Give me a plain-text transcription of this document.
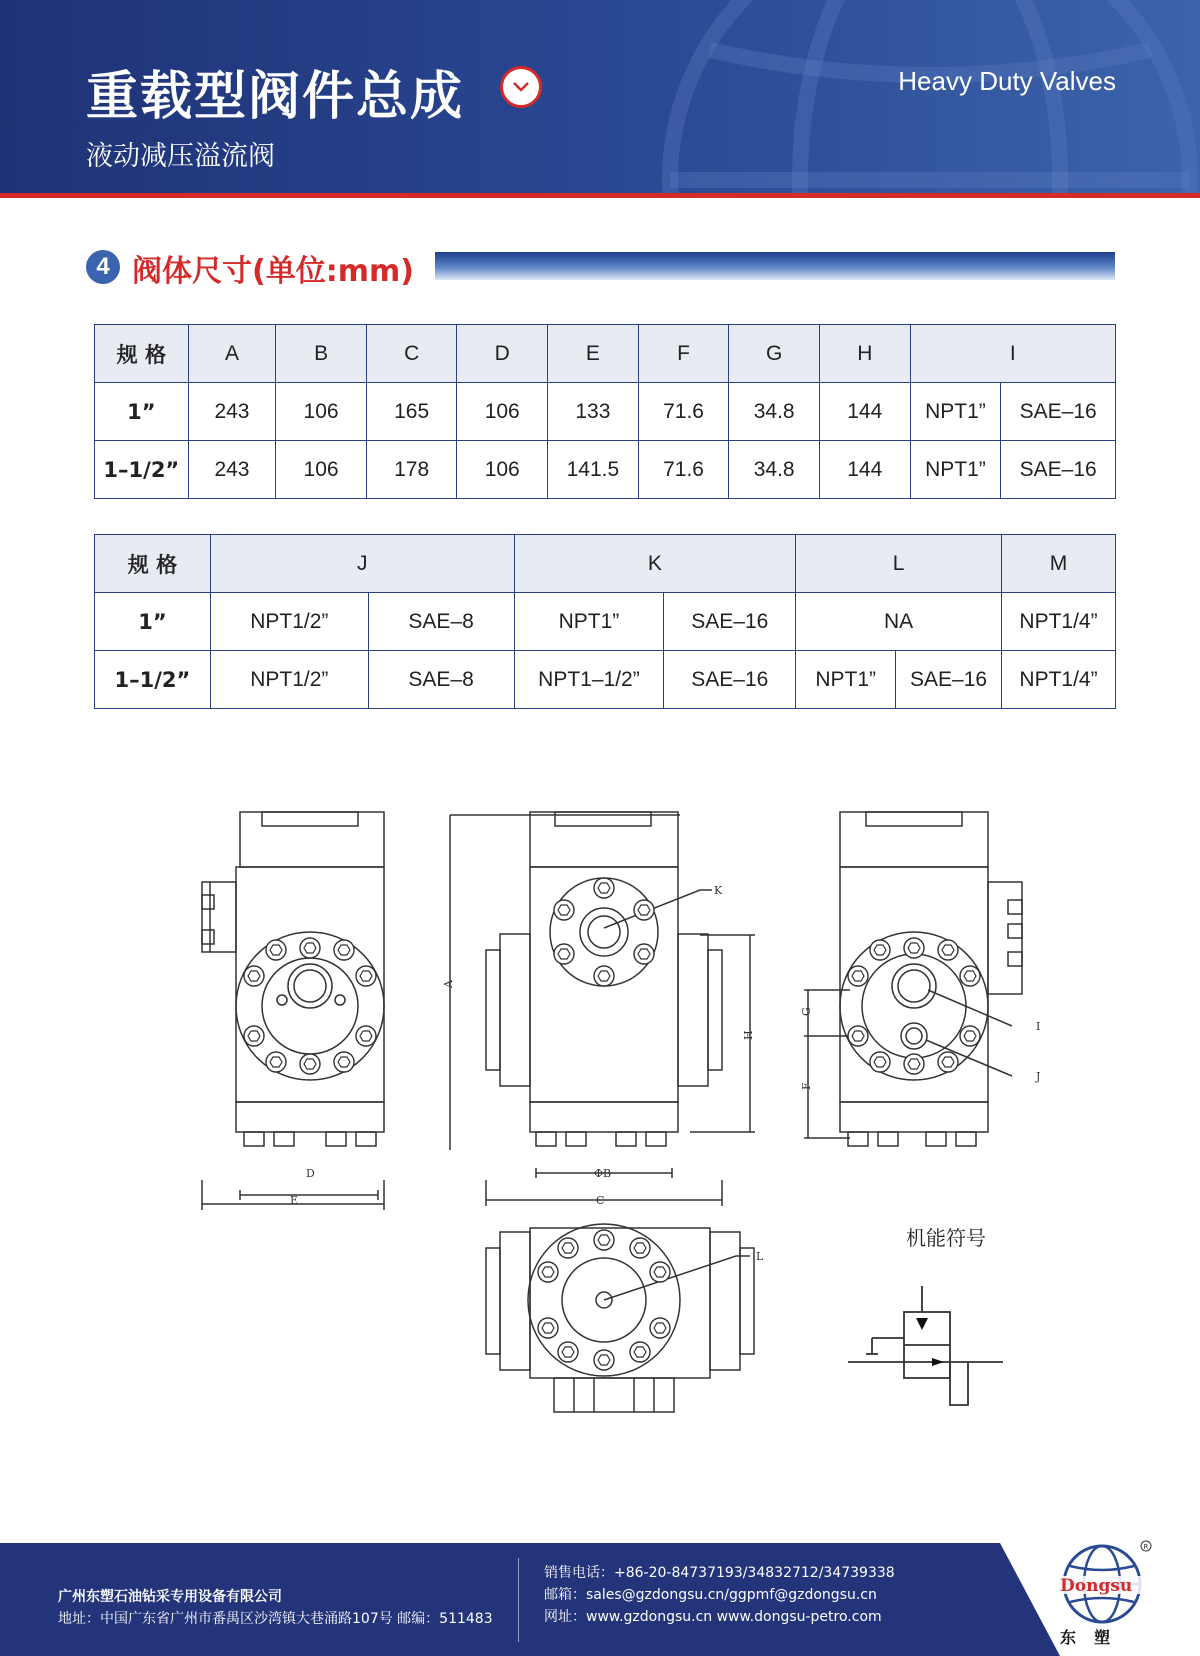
重载型阀件总成
液动减压溢流阀
Heavy Duty Valves
4 阀体尺寸(单位:mm)
规 格	A	B	C	D	E	F	G	H	I	
1”	243	106	165	106	133	71.6	34.8	144	NPT1”	SAE–16
1–1/2”	243	106	178	106	141.5	71.6	34.8	144	NPT1”	SAE–16
规 格	J		K		L		M
1”	NPT1/2”	SAE–8	NPT1”	SAE–16	NA		NPT1/4”
1–1/2”	NPT1/2”	SAE–8	NPT1–1/2”	SAE–16	NPT1”	SAE–16	NPT1/4”
D
E
ΦB
C
A
H
G
F
K
I
J
L
机能符号
广州东塑石油钻采专用设备有限公司
地址：中国广东省广州市番禺区沙湾镇大巷涌路107号 邮编：511483
销售电话：+86-20-84737193/34832712/34739338
邮箱：sales@gzdongsu.cn/ggpmf@gzdongsu.cn
网址：www.gzdongsu.cn www.dongsu-petro.com
Dongsu
R
东塑
